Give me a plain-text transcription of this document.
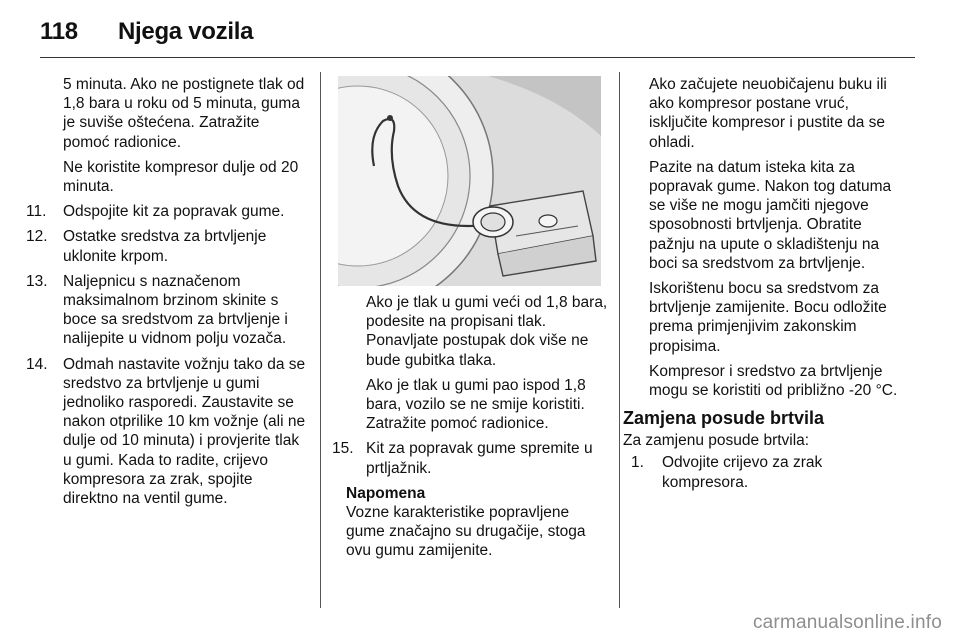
118 Njega vozila

5 minuta. Ako ne postignete tlak od 1,8 bara u roku od 5 minuta, guma je suviše oštećena. Zatražite pomoć radionice.

Ne koristite kompresor dulje od 20 minuta.

11. Odspojite kit za popravak gume.
12. Ostatke sredstva za brtvljenje uklonite krpom.
13. Naljepnicu s naznačenom maksimalnom brzinom skinite s boce sa sredstvom za brtvljenje i nalijepite u vidnom polju vozača.
14. Odmah nastavite vožnju tako da se sredstvo za brtvljenje u gumi jednoliko rasporedi. Zaustavite se nakon otprilike 10 km vožnje (ali ne dulje od 10 minuta) i provjerite tlak u gumi. Kada to radite, crijevo kompresora za zrak, spojite direktno na ventil gume.

Ako je tlak u gumi veći od 1,8 bara, podesite na propisani tlak. Ponavljate postupak dok više ne bude gubitka tlaka.

Ako je tlak u gumi pao ispod 1,8 bara, vozilo se ne smije koristiti. Zatražite pomoć radionice.

15. Kit za popravak gume spremite u prtljažnik.
Napomena
Vozne karakteristike popravljene gume značajno su drugačije, stoga ovu gumu zamijenite.

Ako začujete neuobičajenu buku ili ako kompresor postane vruć, isključite kompresor i pustite da se ohladi.

Pazite na datum isteka kita za popravak gume. Nakon tog datuma se više ne mogu jamčiti njegove sposobnosti brtvljenja. Obratite pažnju na upute o skladištenju na boci sa sredstvom za brtvljenje.

Iskorištenu bocu sa sredstvom za brtvljenje zamijenite. Bocu odložite prema primjenjivim zakonskim propisima.

Kompresor i sredstvo za brtvljenje mogu se koristiti od približno -20 °C.

Zamjena posude brtvila

Za zamjenu posude brtvila:

1. Odvojite crijevo za zrak kompresora.
carmanualsonline.info
